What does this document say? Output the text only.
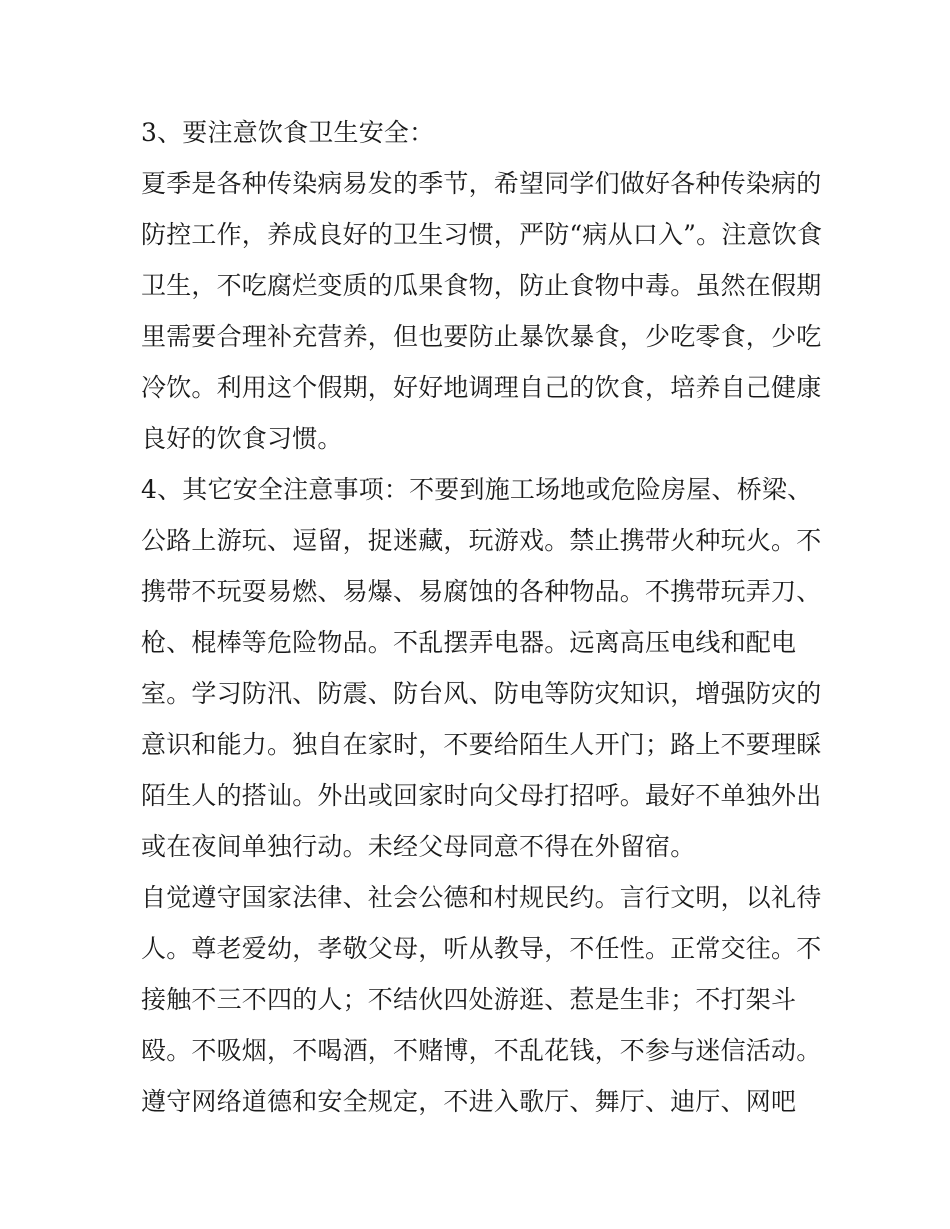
3、要注意饮食卫生安全：
夏季是各种传染病易发的季节，希望同学们做好各种传染病的
防控工作，养成良好的卫生习惯，严防“病从口入”。注意饮食
卫生，不吃腐烂变质的瓜果食物，防止食物中毒。虽然在假期
里需要合理补充营养，但也要防止暴饮暴食，少吃零食，少吃
冷饮。利用这个假期，好好地调理自己的饮食，培养自己健康
良好的饮食习惯。
4、其它安全注意事项：不要到施工场地或危险房屋、桥梁、
公路上游玩、逗留，捉迷藏，玩游戏。禁止携带火种玩火。不
携带不玩耍易燃、易爆、易腐蚀的各种物品。不携带玩弄刀、
枪、棍棒等危险物品。不乱摆弄电器。远离高压电线和配电
室。学习防汛、防震、防台风、防电等防灾知识，增强防灾的
意识和能力。独自在家时，不要给陌生人开门；路上不要理睬
陌生人的搭讪。外出或回家时向父母打招呼。最好不单独外出
或在夜间单独行动。未经父母同意不得在外留宿。
自觉遵守国家法律、社会公德和村规民约。言行文明，以礼待
人。尊老爱幼，孝敬父母，听从教导，不任性。正常交往。不
接触不三不四的人；不结伙四处游逛、惹是生非；不打架斗
殴。不吸烟，不喝酒，不赌博，不乱花钱，不参与迷信活动。
遵守网络道德和安全规定，不进入歌厅、舞厅、迪厅、网吧
